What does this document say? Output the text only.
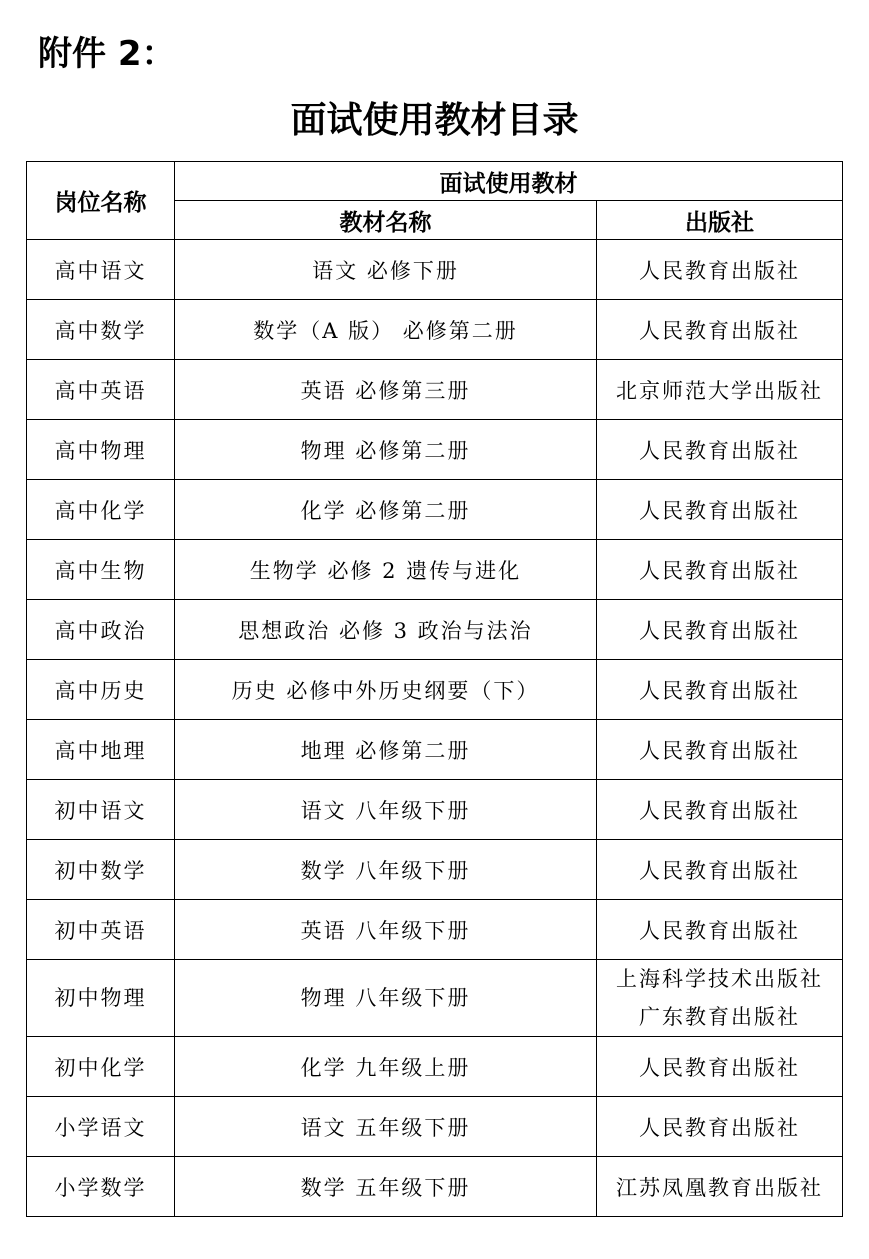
附件 2：
面试使用教材目录
岗位名称	面试使用教材	
	教材名称	出版社
高中语文	语文 必修下册	人民教育出版社

高中数学	数学（A 版） 必修第二册	人民教育出版社

高中英语	英语 必修第三册	北京师范大学出版社

高中物理	物理 必修第二册	人民教育出版社

高中化学	化学 必修第二册	人民教育出版社

高中生物	生物学 必修 2 遗传与进化	人民教育出版社

高中政治	思想政治 必修 3 政治与法治	人民教育出版社

高中历史	历史 必修中外历史纲要（下）	人民教育出版社

高中地理	地理 必修第二册	人民教育出版社

初中语文	语文 八年级下册	人民教育出版社

初中数学	数学 八年级下册	人民教育出版社

初中英语	英语 八年级下册	人民教育出版社

初中物理	物理 八年级下册	上海科学技术出版社
广东教育出版社

初中化学	化学 九年级上册	人民教育出版社

小学语文	语文 五年级下册	人民教育出版社

小学数学	数学 五年级下册	江苏凤凰教育出版社
